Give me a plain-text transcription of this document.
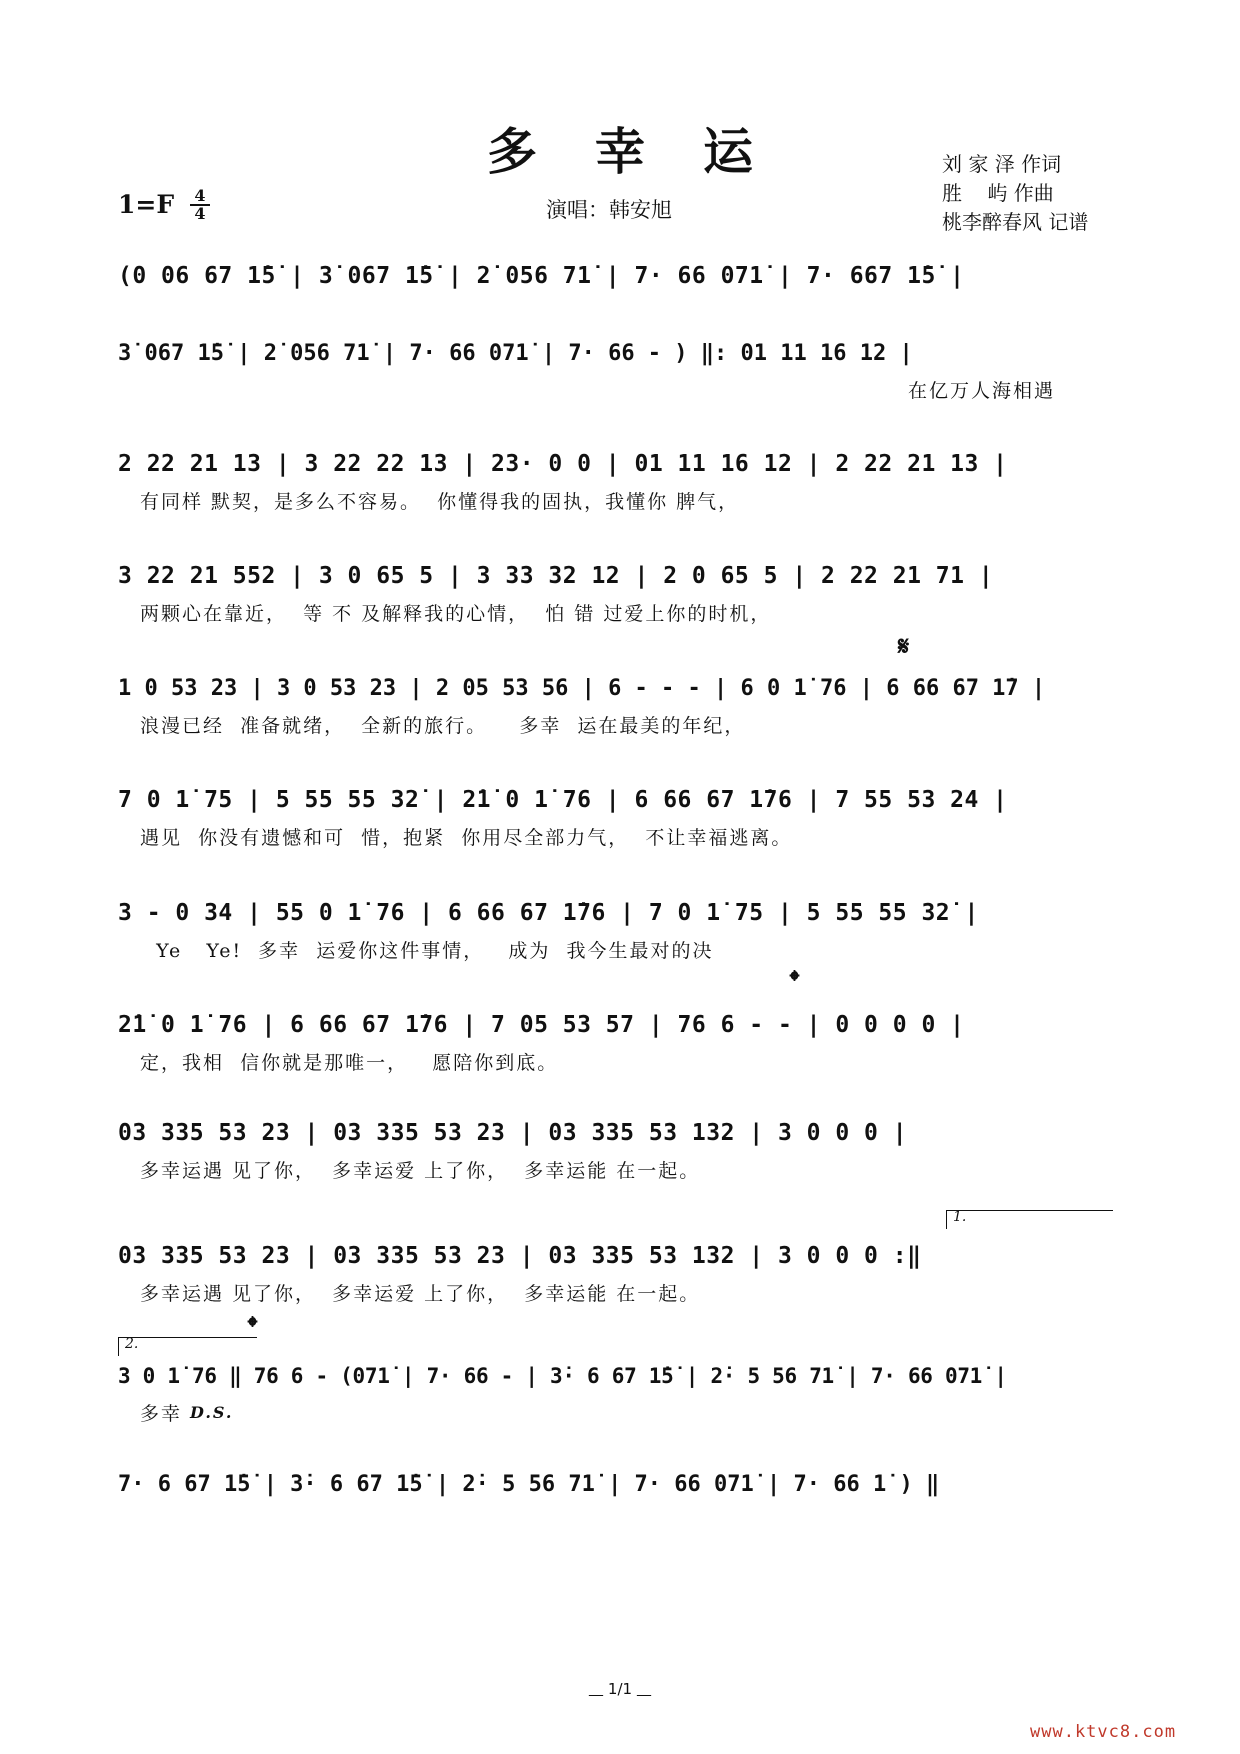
多幸运
$1=F \frac{4}{4}$	演唱：韩安旭
刘 家 泽 作词
胜    屿 作曲
桃李醉春风 记谱
(0 06 67 1̇5̇ | 3̇ 067 1̇5̇ | 2̇ 056 71̇ | 7· 66 071̇ | 7· 667 1̇5̇ |
3̇ 067 1̇5̇ | 2̇ 056 71̇ | 7· 66 071̇ | 7· 66 - ) ‖: 01 11 16 12 |
在亿万人海相遇
2 22 21 13 | 3 22 22 13 | 23· 0 0 | 01 11 16 12 | 2 22 21 13 |
有同样 默契，是多么不容易。  你懂得我的固执，我懂你 脾气，
3 22 21 552 | 3 0 65 5 | 3 33 32 12 | 2 0 65 5 | 2 22 21 71 |
两颗心在靠近，  等 不 及解释我的心情，  怕 错 过爱上你的时机，
𝄋
1 0 53 23 | 3 0 53 23 | 2 05 53 56 | 6 - - - | 6 0 1̇ 76 | 6 66 67 1̇7 |
浪漫已经  准备就绪，  全新的旅行。    多幸  运在最美的年纪，
7 0 1̇ 75 | 5 55 55 32̇ | 2̇1̇ 0 1̇ 76 | 6 66 67 1̇76 | 7 55 53 24 |
遇见  你没有遗憾和可  惜，抱紧  你用尽全部力气，  不让幸福逃离。
3 - 0 34 | 55 0 1̇ 76 | 6 66 67 1̇76 | 7 0 1̇ 75 | 5 55 55 32̇ |
Ye   Ye!  多幸  运爱你这件事情，   成为  我今生最对的决
𝄌
2̇1̇ 0 1̇ 76 | 6 66 67 1̇76 | 7 05 53 57 | 76 6 - - | 0 0 0 0 |
定，我相  信你就是那唯一，   愿陪你到底。
03 335 53 23 | 03 335 53 23 | 03 335 53 132 | 3 0 0 0 |
多幸运遇 见了你，  多幸运爱 上了你，  多幸运能 在一起。
1.
03 335 53 23 | 03 335 53 23 | 03 335 53 132 | 3 0 0 0 :‖
多幸运遇 见了你，  多幸运爱 上了你，  多幸运能 在一起。
2.
𝄌
3 0 1̇ 76 ‖ 76 6 - (071̇ | 7· 66 - | 3̇· 6 67 1̇5̇ | 2̇· 5 56 71̇ | 7· 66 071̇ |
多幸 D.S.
7· 6 67 1̇5̇ | 3̇· 6 67 1̇5̇ | 2̇· 5 56 71̇ | 7· 66 071̇ | 7· 66 1̇ ) ‖
1/1
www.ktvc8.com
